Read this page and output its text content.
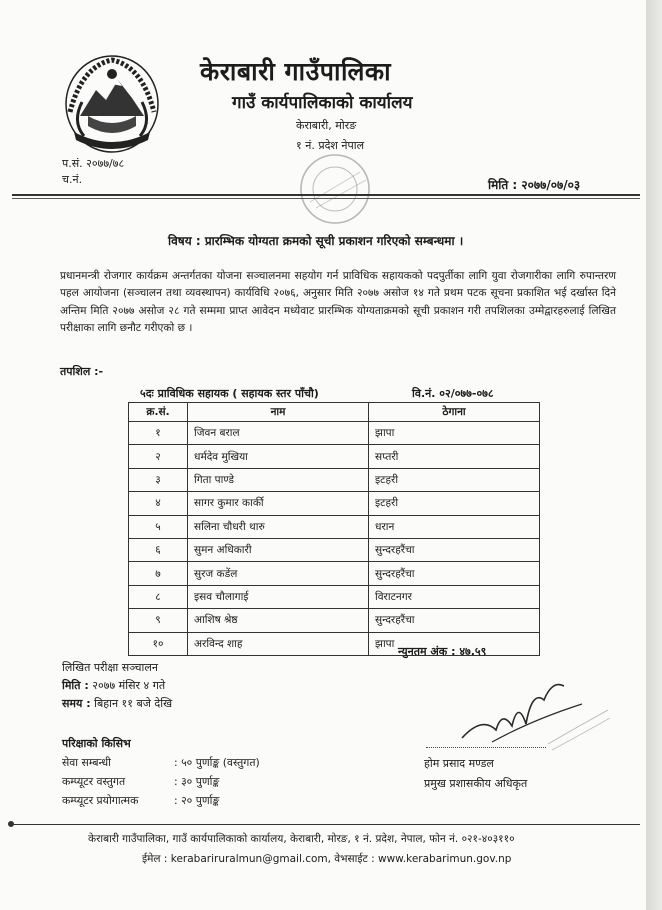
केराबारी गाउँपालिका
गाउँ कार्यपालिकाको कार्यालय
केराबारी, मोरङ
१ नं. प्रदेश नेपाल
प.सं. २०७७/७८
च.नं.	मिति : २०७७/०७/०३
विषय : प्रारम्भिक योग्यता क्रमको सूची प्रकाशन गरिएको सम्बन्धमा ।
प्रधानमन्त्री रोजगार कार्यक्रम अन्तर्गतका योजना सञ्चालनमा सहयोग गर्न प्राविधिक सहायकको पदपुर्तीका लागि युवा रोजगारीका लागि रुपान्तरण पहल आयोजना (सञ्चालन तथा व्यवस्थापन) कार्यविधि २०७६, अनुसार मिति २०७७ असोज १४ गते प्रथम पटक सूचना प्रकाशित भई दर्खास्त दिने अन्तिम मिति २०७७ असोज २८ गते सम्ममा प्राप्त आवेदन मध्येवाट प्रारम्भिक योग्यताक्रमको सूची प्रकाशन गरी तपशिलका उम्मेद्वारहरुलाई लिखित परीक्षाका लागि छनौट गरीएको छ ।
तपशिल :-
५दः प्राविधिक सहायक ( सहायक स्तर पाँचौ)	वि.नं. ०२/०७७-०७८
क्र.सं.	नाम	ठेगाना
१	जिवन बराल	झापा
२	धर्मदेव मुखिया	सप्तरी
३	गिता पाण्डे	इटहरी
४	सागर कुमार कार्की	इटहरी
५	सलिना चौधरी थारु	धरान
६	सुमन अधिकारी	सुन्दरहरैंचा
७	सुरज कडेंल	सुन्दरहरैंचा
८	इसव चौलागाई	विराटनगर
९	आशिष श्रेष्ठ	सुन्दरहरैंचा
१०	अरविन्द शाह	झापा
न्युनतम अंक : ४७.५९
लिखित परीक्षा सञ्चालन
मिति : २०७७ मंसिर ४ गते
समय : बिहान ११ बजे देखि
होम प्रसाद मण्डल
प्रमुख प्रशासकीय अधिकृत
परिक्षाको किसिभ
सेवा सम्बन्धी	: ५० पुर्णाङ्क (वस्तुगत)
कम्प्यूटर वस्तुगत	: ३० पुर्णाङ्क
कम्प्यूटर प्रयोगात्मक	: २० पुर्णाङ्क
केराबारी गाउँपालिका, गाउँ कार्यपालिकाको कार्यालय, केराबारी, मोरङ, १ नं. प्रदेश, नेपाल, फोन नं. ०२१-४०३११०
ईमेल : kerabariruralmun@gmail.com, वेभसाईट : www.kerabarimun.gov.np
